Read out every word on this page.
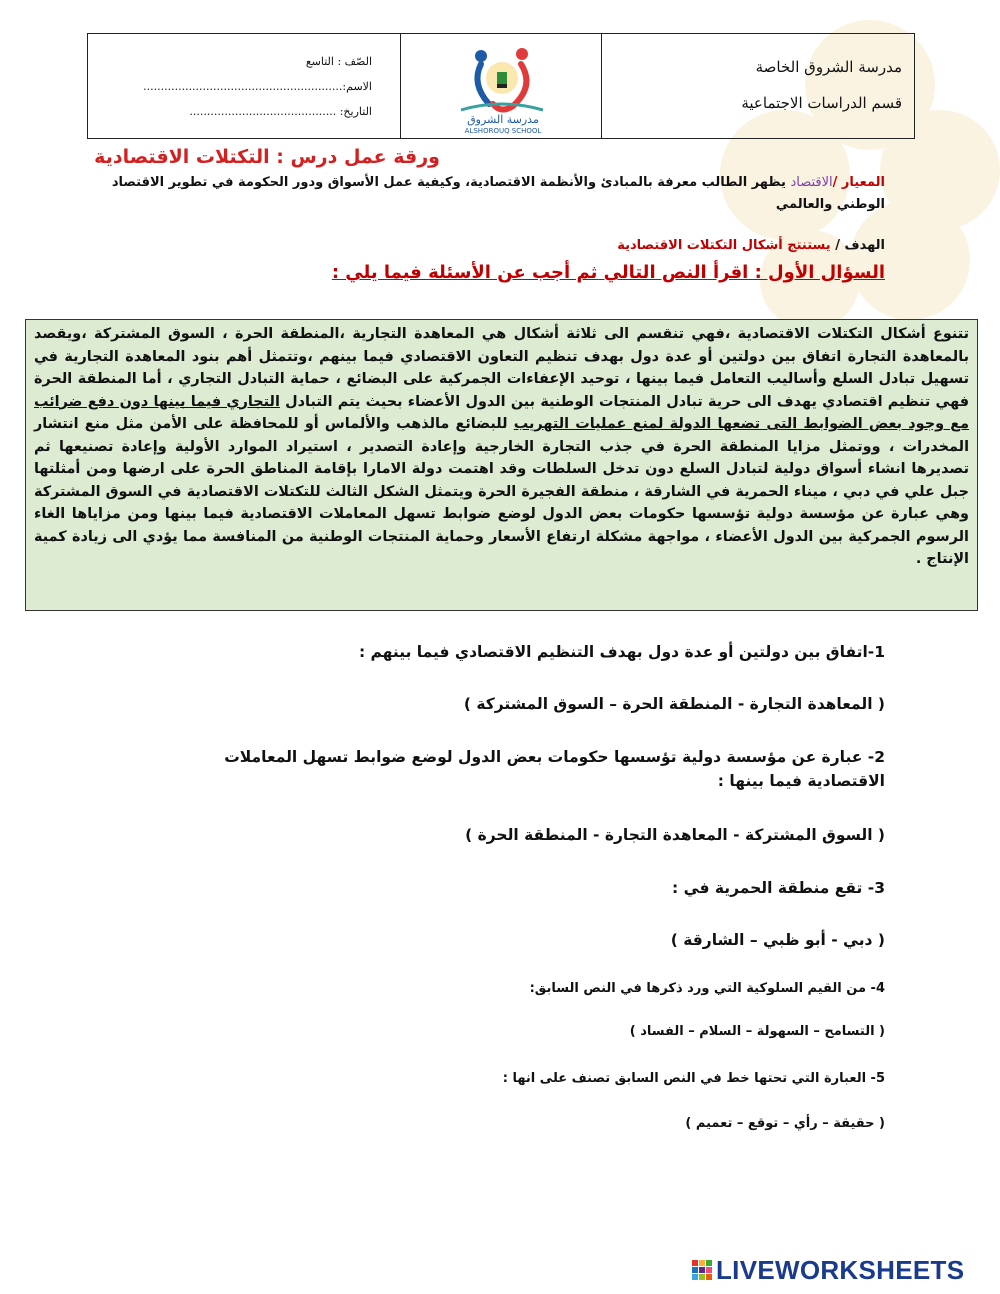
مدرسة الشروق الخاصة
قسم الدراسات الاجتماعية
مدرسة الشروق
ALSHOROUQ SCHOOL
الصّف : التاسع
الاسم:.........................................................
التاريخ: ..........................................
ورقة عمل درس : التكتلات الاقتصادية
المعيار /الاقتصاد يظهر الطالب معرفة بالمبادئ والأنظمة الاقتصادية، وكيفية عمل الأسواق ودور الحكومة في تطوير الاقتصاد الوطني والعالمي
الهدف / يستنتج أشكال التكتلات الاقتصادية
السؤال الأول : اقرأ النص التالي ثم أجب عن الأسئلة فيما يلي :
تتنوع أشكال التكتلات الاقتصادية ،فهي تنقسم الى ثلاثة أشكال هي المعاهدة التجارية ،المنطقة الحرة ، السوق المشتركة ،ويقصد بالمعاهدة التجارة اتفاق بين دولتين أو عدة دول بهدف تنظيم التعاون الاقتصادي فيما بينهم ،وتتمثل أهم بنود المعاهدة التجارية في تسهيل تبادل السلع وأساليب التعامل فيما بينها ، توحيد الإعفاءات الجمركية على البضائع ، حماية التبادل التجاري ، أما المنطقة الحرة فهي تنظيم اقتصادي يهدف الى حرية تبادل المنتجات الوطنية بين الدول الأعضاء بحيث يتم التبادل التجاري فيما بينها دون دفع ضرائب مع وجود بعض الضوابط التى تضعها الدولة لمنع عمليات التهريب للبضائع مالذهب والألماس أو للمحافظة على الأمن مثل منع انتشار المخدرات ، ووتمثل مزايا المنطقة الحرة في جذب التجارة الخارجية وإعادة التصدير ، استيراد الموارد الأولية وإعادة تصنيعها ثم تصديرها انشاء أسواق دولية لتبادل السلع دون تدخل السلطات وقد اهتمت دولة الامارا بإقامة المناطق الحرة على ارضها ومن أمثلتها جبل علي في دبي ، ميناء الحمرية في الشارقة ، منطقة الفجيرة الحرة ويتمثل الشكل الثالث للتكتلات الاقتصادية في السوق المشتركة وهي عبارة عن مؤسسة دولية تؤسسها حكومات بعض الدول لوضع ضوابط تسهل المعاملات الاقتصادية فيما بينها ومن مزاياها الغاء الرسوم الجمركية بين الدول الأعضاء ، مواجهة مشكلة ارتفاع الأسعار وحماية المنتجات الوطنية من المنافسة مما يؤدي الى زيادة كمية الإنتاج .
1-اتفاق بين دولتين أو عدة دول بهدف التنظيم الاقتصادي فيما بينهم :
( المعاهدة التجارة - المنطقة الحرة – السوق المشتركة )
2- عبارة عن مؤسسة دولية تؤسسها حكومات بعض الدول لوضع ضوابط تسهل المعاملات الاقتصادية فيما بينها :
( السوق المشتركة - المعاهدة التجارة - المنطقة الحرة )
3- تقع منطقة الحمرية في :
( دبي - أبو ظبي – الشارقة )
4- من القيم السلوكية التي ورد ذكرها في النص السابق:
( التسامح – السهولة – السلام – الفساد )
5- العبارة التي تحتها خط في النص السابق تصنف على انها :
( حقيقة – رأي – توقع – تعميم )
LIVEWORKSHEETS
